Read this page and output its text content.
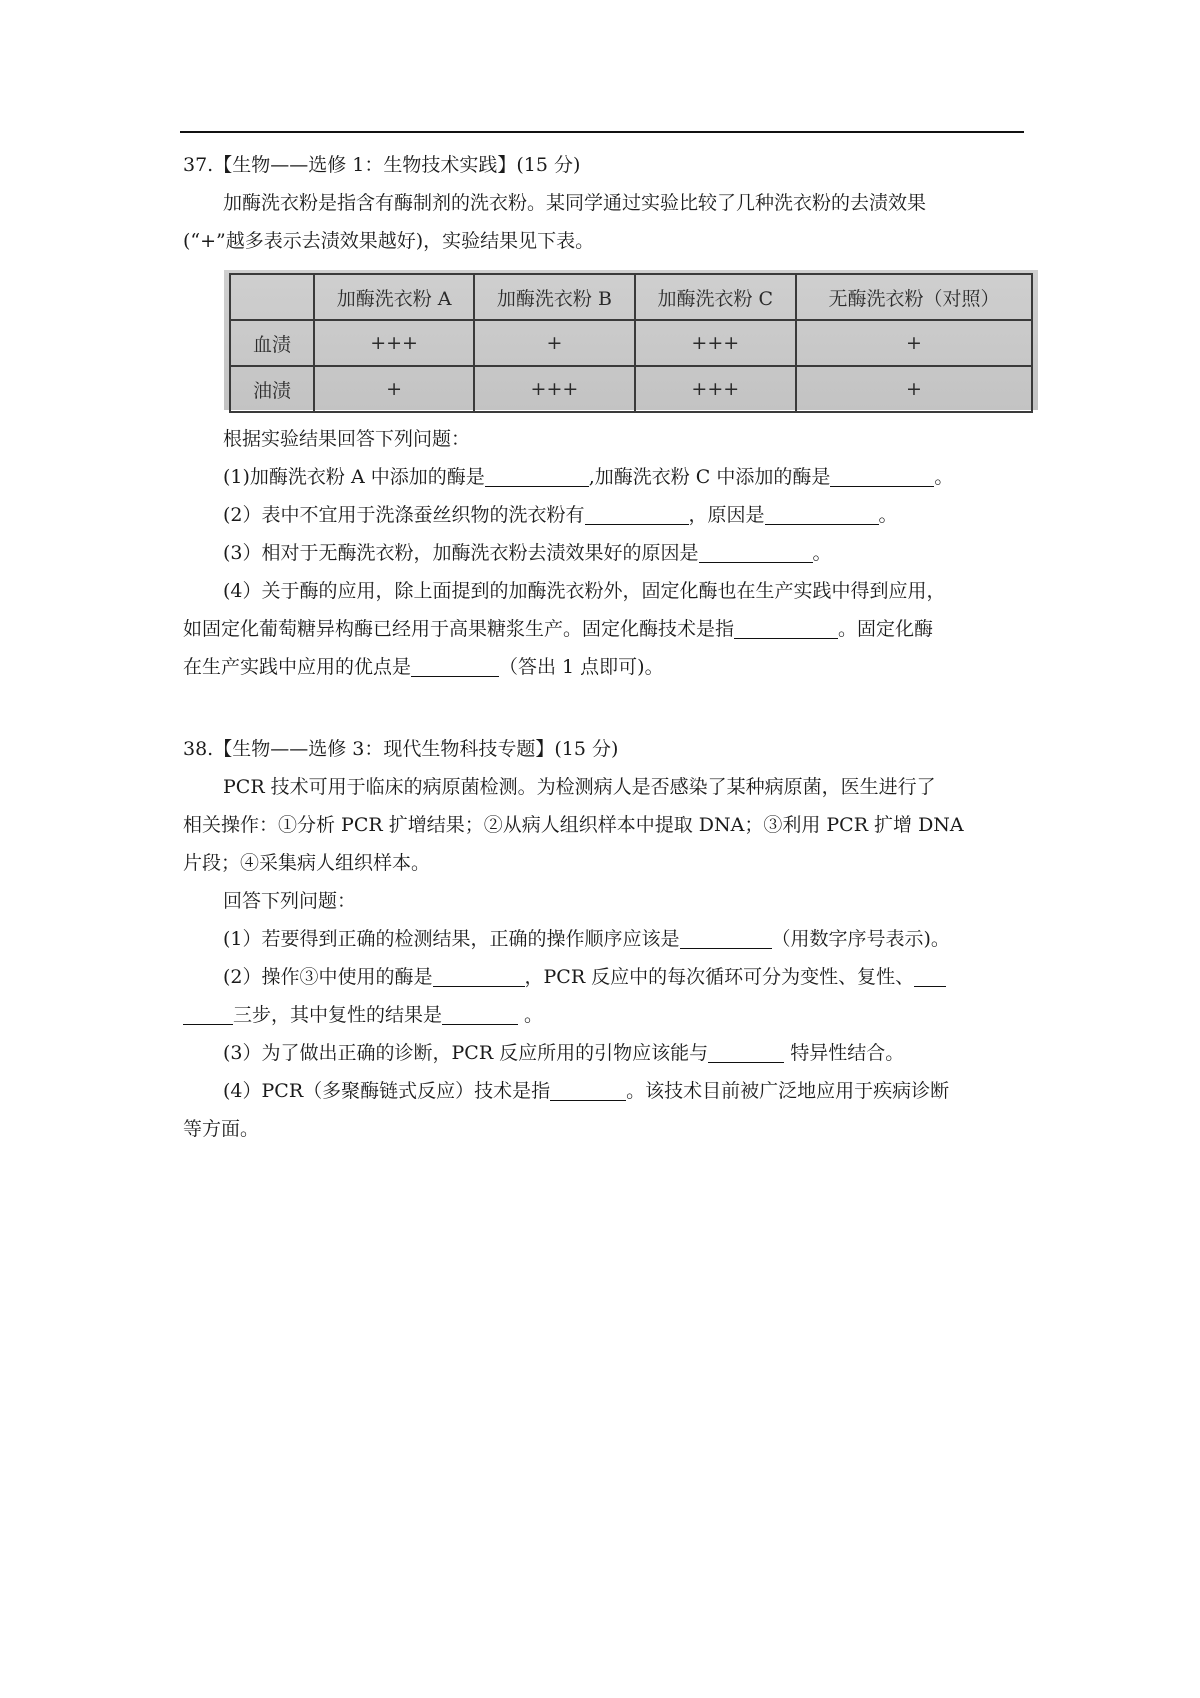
37.【生物——选修 1：生物技术实践】(15 分)
加酶洗衣粉是指含有酶制剂的洗衣粉。某同学通过实验比较了几种洗衣粉的去渍效果
(“+”越多表示去渍效果越好)，实验结果见下表。
	加酶洗衣粉 A	加酶洗衣粉 B	加酶洗衣粉 C	无酶洗衣粉（对照）
血渍	+++	+	+++	+
油渍	+	+++	+++	+
根据实验结果回答下列问题：
(1)加酶洗衣粉 A 中添加的酶是	,加酶洗衣粉 C 中添加的酶是	。
(2）表中不宜用于洗涤蚕丝织物的洗衣粉有	，原因是	。
(3）相对于无酶洗衣粉，加酶洗衣粉去渍效果好的原因是	。
(4）关于酶的应用，除上面提到的加酶洗衣粉外，固定化酶也在生产实践中得到应用，
如固定化葡萄糖异构酶已经用于高果糖浆生产。固定化酶技术是指	。固定化酶
在生产实践中应用的优点是	（答出 1 点即可)。
38.【生物——选修 3：现代生物科技专题】(15 分)
PCR 技术可用于临床的病原菌检测。为检测病人是否感染了某种病原菌，医生进行了
相关操作：①分析 PCR 扩增结果；②从病人组织样本中提取 DNA；③利用 PCR 扩增 DNA
片段；④采集病人组织样本。
回答下列问题：
(1）若要得到正确的检测结果，正确的操作顺序应该是	（用数字序号表示)。
(2）操作③中使用的酶是	，PCR 反应中的每次循环可分为变性、复性、
三步，其中复性的结果是	。
(3）为了做出正确的诊断，PCR 反应所用的引物应该能与	特异性结合。
(4）PCR（多聚酶链式反应）技术是指	。该技术目前被广泛地应用于疾病诊断
等方面。
